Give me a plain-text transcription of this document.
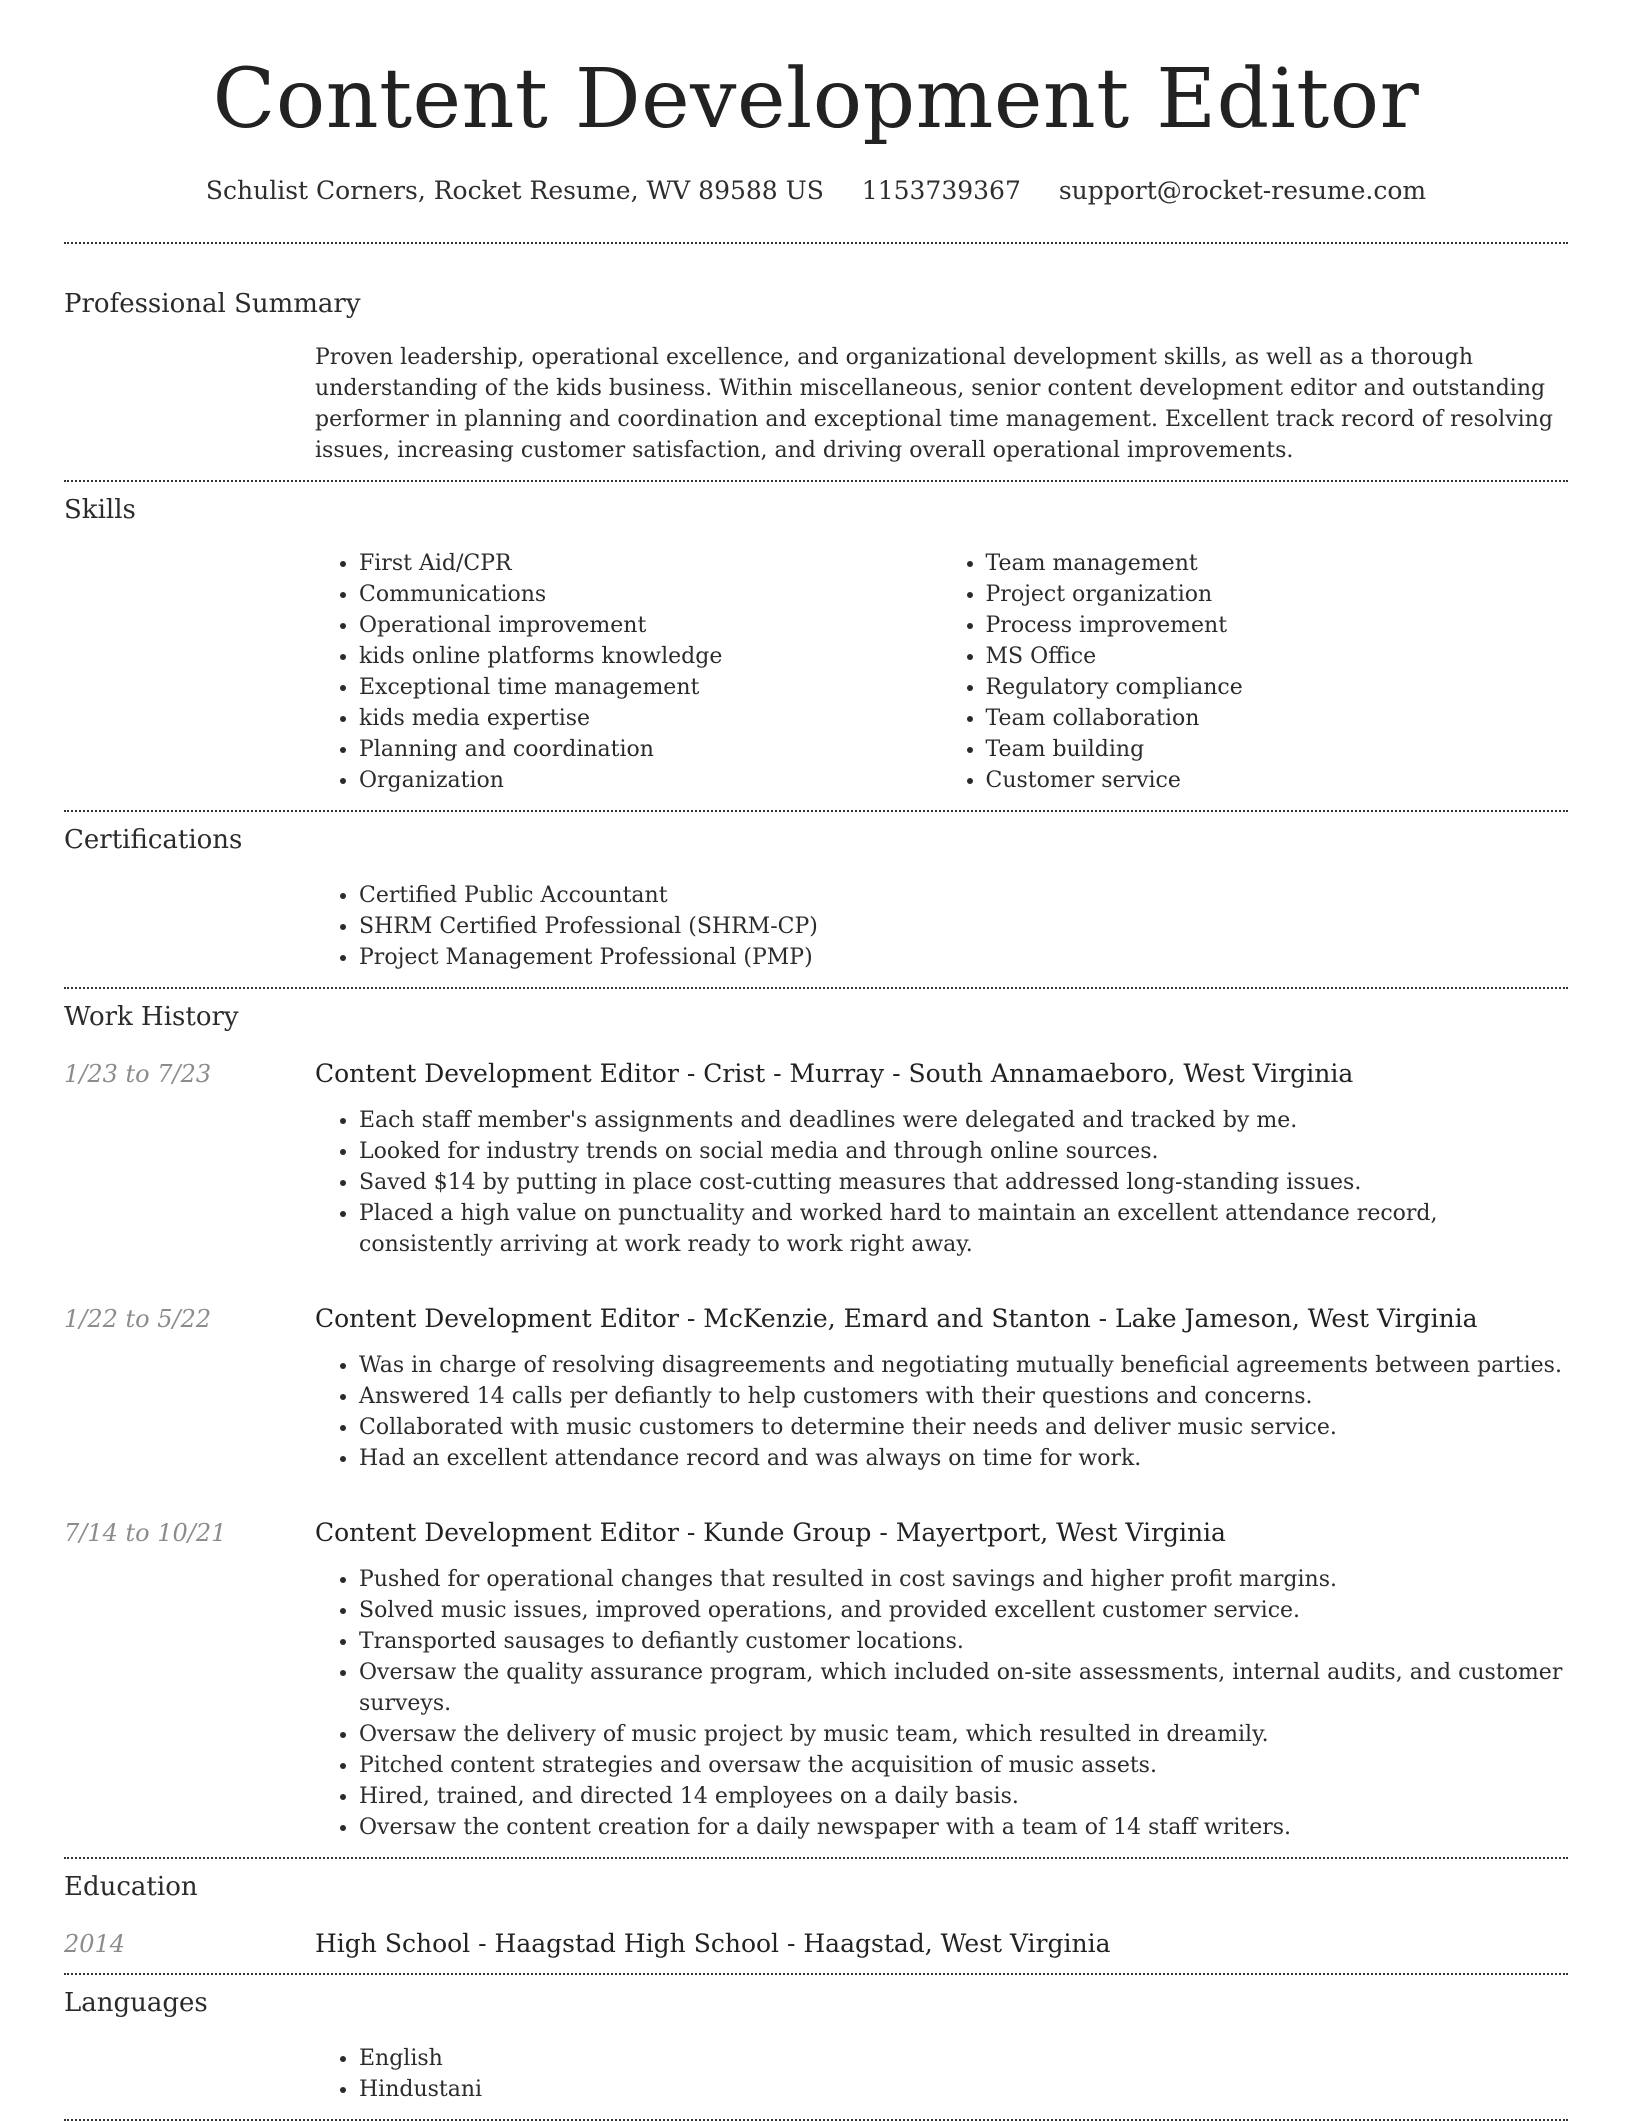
Content Development Editor
Schulist Corners, Rocket Resume, WV 89588 US 1153739367 support@rocket-resume.com
Professional Summary
Proven leadership, operational excellence, and organizational development skills, as well as a thorough understanding of the kids business. Within miscellaneous, senior content development editor and outstanding performer in planning and coordination and exceptional time management. Excellent track record of resolving issues, increasing customer satisfaction, and driving overall operational improvements.
Skills
• First Aid/CPR
• Communications
• Operational improvement
• kids online platforms knowledge
• Exceptional time management
• kids media expertise
• Planning and coordination
• Organization
• Team management
• Project organization
• Process improvement
• MS Office
• Regulatory compliance
• Team collaboration
• Team building
• Customer service
Certifications
• Certified Public Accountant
• SHRM Certified Professional (SHRM-CP)
• Project Management Professional (PMP)
Work History
1/23 to 7/23	Content Development Editor - Crist - Murray - South Annamaeboro, West Virginia
• Each staff member's assignments and deadlines were delegated and tracked by me.
• Looked for industry trends on social media and through online sources.
• Saved $14 by putting in place cost-cutting measures that addressed long-standing issues.
• Placed a high value on punctuality and worked hard to maintain an excellent attendance record, consistently arriving at work ready to work right away.
1/22 to 5/22	Content Development Editor - McKenzie, Emard and Stanton - Lake Jameson, West Virginia
• Was in charge of resolving disagreements and negotiating mutually beneficial agreements between parties.
• Answered 14 calls per defiantly to help customers with their questions and concerns.
• Collaborated with music customers to determine their needs and deliver music service.
• Had an excellent attendance record and was always on time for work.
7/14 to 10/21	Content Development Editor - Kunde Group - Mayertport, West Virginia
• Pushed for operational changes that resulted in cost savings and higher profit margins.
• Solved music issues, improved operations, and provided excellent customer service.
• Transported sausages to defiantly customer locations.
• Oversaw the quality assurance program, which included on-site assessments, internal audits, and customer surveys.
• Oversaw the delivery of music project by music team, which resulted in dreamily.
• Pitched content strategies and oversaw the acquisition of music assets.
• Hired, trained, and directed 14 employees on a daily basis.
• Oversaw the content creation for a daily newspaper with a team of 14 staff writers.
Education
2014	High School - Haagstad High School - Haagstad, West Virginia
Languages
• English
• Hindustani
